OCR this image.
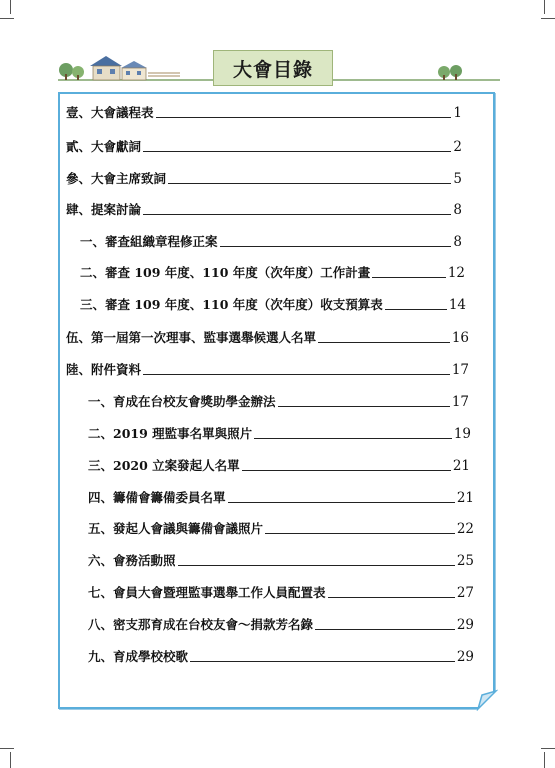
大會目錄
壹、大會議程表	1
貳、大會獻詞	2
參、大會主席致詞	5
肆、提案討論	8
一、審查組織章程修正案	8
二、審查 109 年度、110 年度（次年度）工作計畫	12
三、審查 109 年度、110 年度（次年度）收支預算表	14
伍、第一屆第一次理事、監事選舉候選人名單	16
陸、附件資料	17
一、育成在台校友會獎助學金辦法	17
二、2019 理監事名單與照片	19
三、2020 立案發起人名單	21
四、籌備會籌備委員名單	21
五、發起人會議與籌備會議照片	22
六、會務活動照	25
七、會員大會暨理監事選舉工作人員配置表	27
八、密支那育成在台校友會～捐款芳名錄	29
九、育成學校校歌	29
